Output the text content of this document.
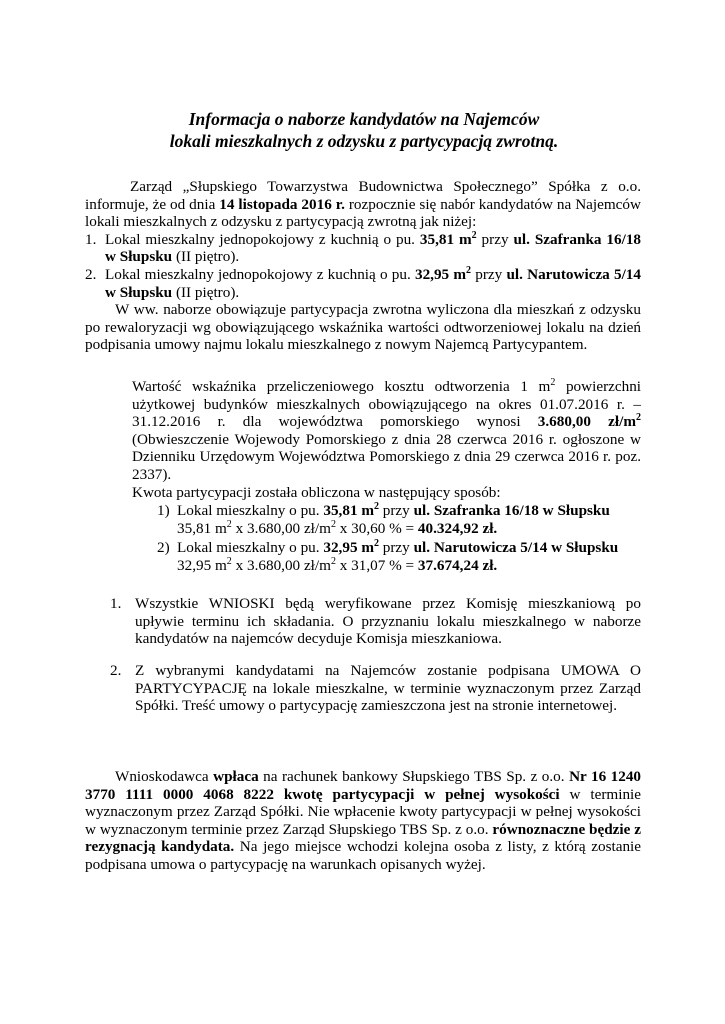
Informacja o naborze kandydatów na Najemców
lokali mieszkalnych z odzysku z partycypacją zwrotną.

Zarząd „Słupskiego Towarzystwa Budownictwa Społecznego” Spółka z o.o. informuje, że od dnia 14 listopada 2016 r. rozpocznie się nabór kandydatów na Najemców lokali mieszkalnych z odzysku z partycypacją zwrotną jak niżej:

1. Lokal mieszkalny jednopokojowy z kuchnią o pu. 35,81 $m^2$ przy ul. Szafranka 16/18 w Słupsku (II piętro).
2. Lokal mieszkalny jednopokojowy z kuchnią o pu. 32,95 $m^2$ przy ul. Narutowicza 5/14 w Słupsku (II piętro).

W ww. naborze obowiązuje partycypacja zwrotna wyliczona dla mieszkań z odzysku po rewaloryzacji wg obowiązującego wskaźnika wartości odtworzeniowej lokalu na dzień podpisania umowy najmu lokalu mieszkalnego z nowym Najemcą Partycypantem.

Wartość wskaźnika przeliczeniowego kosztu odtworzenia 1 $m^2$ powierzchni użytkowej budynków mieszkalnych obowiązującego na okres 01.07.2016 r. – 31.12.2016 r. dla województwa pomorskiego wynosi 3.680,00 $zł/m^2$ (Obwieszczenie Wojewody Pomorskiego z dnia 28 czerwca 2016 r. ogłoszone w Dzienniku Urzędowym Województwa Pomorskiego z dnia 29 czerwca 2016 r. poz. 2337).

Kwota partycypacji została obliczona w następujący sposób:

1) Lokal mieszkalny o pu. 35,81 $m^2$ przy ul. Szafranka 16/18 w Słupsku
35,81 $m^2$ x 3.680,00 $zł/m^2$ x 30,60 % = 40.324,92 zł.
2) Lokal mieszkalny o pu. 32,95 $m^2$ przy ul. Narutowicza 5/14 w Słupsku
32,95 $m^2$ x 3.680,00 $zł/m^2$ x 31,07 % = 37.674,24 zł.
1. Wszystkie WNIOSKI będą weryfikowane przez Komisję mieszkaniową po upływie terminu ich składania. O przyznaniu lokalu mieszkalnego w naborze kandydatów na najemców decyduje Komisja mieszkaniowa.

2. Z wybranymi kandydatami na Najemców zostanie podpisana UMOWA O PARTYCYPACJĘ na lokale mieszkalne, w terminie wyznaczonym przez Zarząd Spółki. Treść umowy o partycypację zamieszczona jest na stronie internetowej.

Wnioskodawca wpłaca na rachunek bankowy Słupskiego TBS Sp. z o.o. Nr 16 1240 3770 1111 0000 4068 8222 kwotę partycypacji w pełnej wysokości w terminie wyznaczonym przez Zarząd Spółki. Nie wpłacenie kwoty partycypacji w pełnej wysokości w wyznaczonym terminie przez Zarząd Słupskiego TBS Sp. z o.o. równoznaczne będzie z rezygnacją kandydata. Na jego miejsce wchodzi kolejna osoba z listy, z którą zostanie podpisana umowa o partycypację na warunkach opisanych wyżej.
